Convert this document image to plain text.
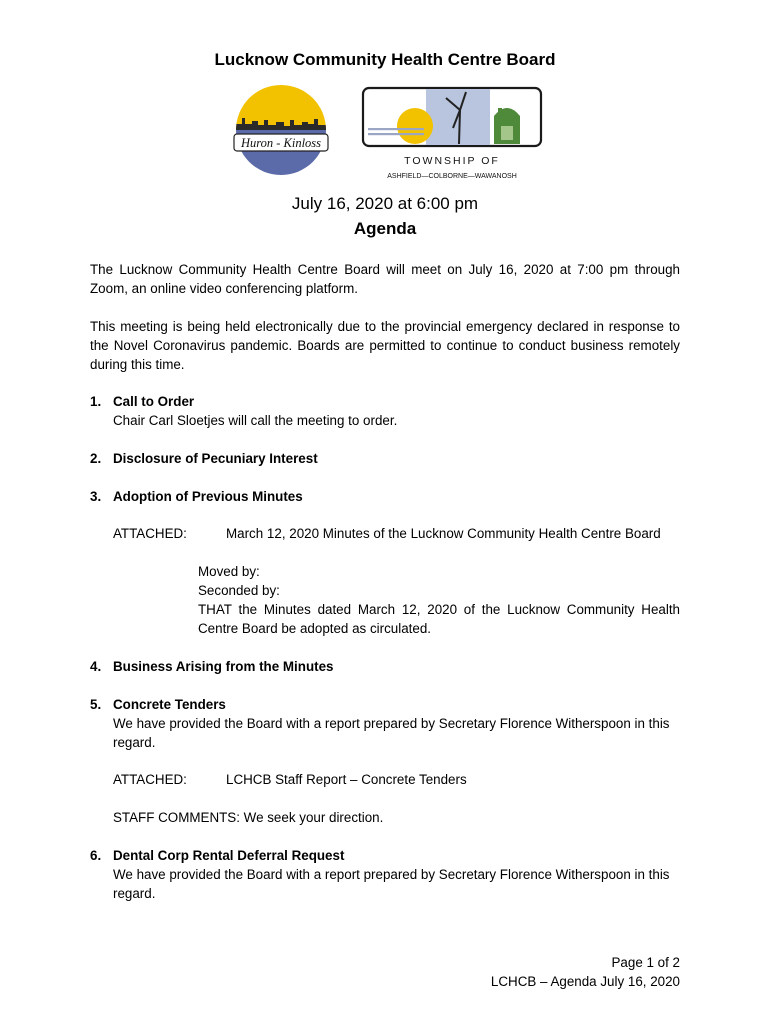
Lucknow Community Health Centre Board
Huron - Kinloss
TOWNSHIP OF
ASHFIELD—COLBORNE—WAWANOSH
July 16, 2020 at 6:00 pm
Agenda
The Lucknow Community Health Centre Board will meet on July 16, 2020 at 7:00 pm through Zoom, an online video conferencing platform.
This meeting is being held electronically due to the provincial emergency declared in response to the Novel Coronavirus pandemic. Boards are permitted to continue to conduct business remotely during this time.
1. Call to Order
Chair Carl Sloetjes will call the meeting to order.
2. Disclosure of Pecuniary Interest
3. Adoption of Previous Minutes
ATTACHED:	March 12, 2020 Minutes of the Lucknow Community Health Centre Board
Moved by:
Seconded by:
THAT the Minutes dated March 12, 2020 of the Lucknow Community Health Centre Board be adopted as circulated.
4. Business Arising from the Minutes
5. Concrete Tenders
We have provided the Board with a report prepared by Secretary Florence Witherspoon in this regard.
ATTACHED:	LCHCB Staff Report – Concrete Tenders
STAFF COMMENTS: We seek your direction.
6. Dental Corp Rental Deferral Request
We have provided the Board with a report prepared by Secretary Florence Witherspoon in this regard.
Page 1 of 2
LCHCB – Agenda July 16, 2020
